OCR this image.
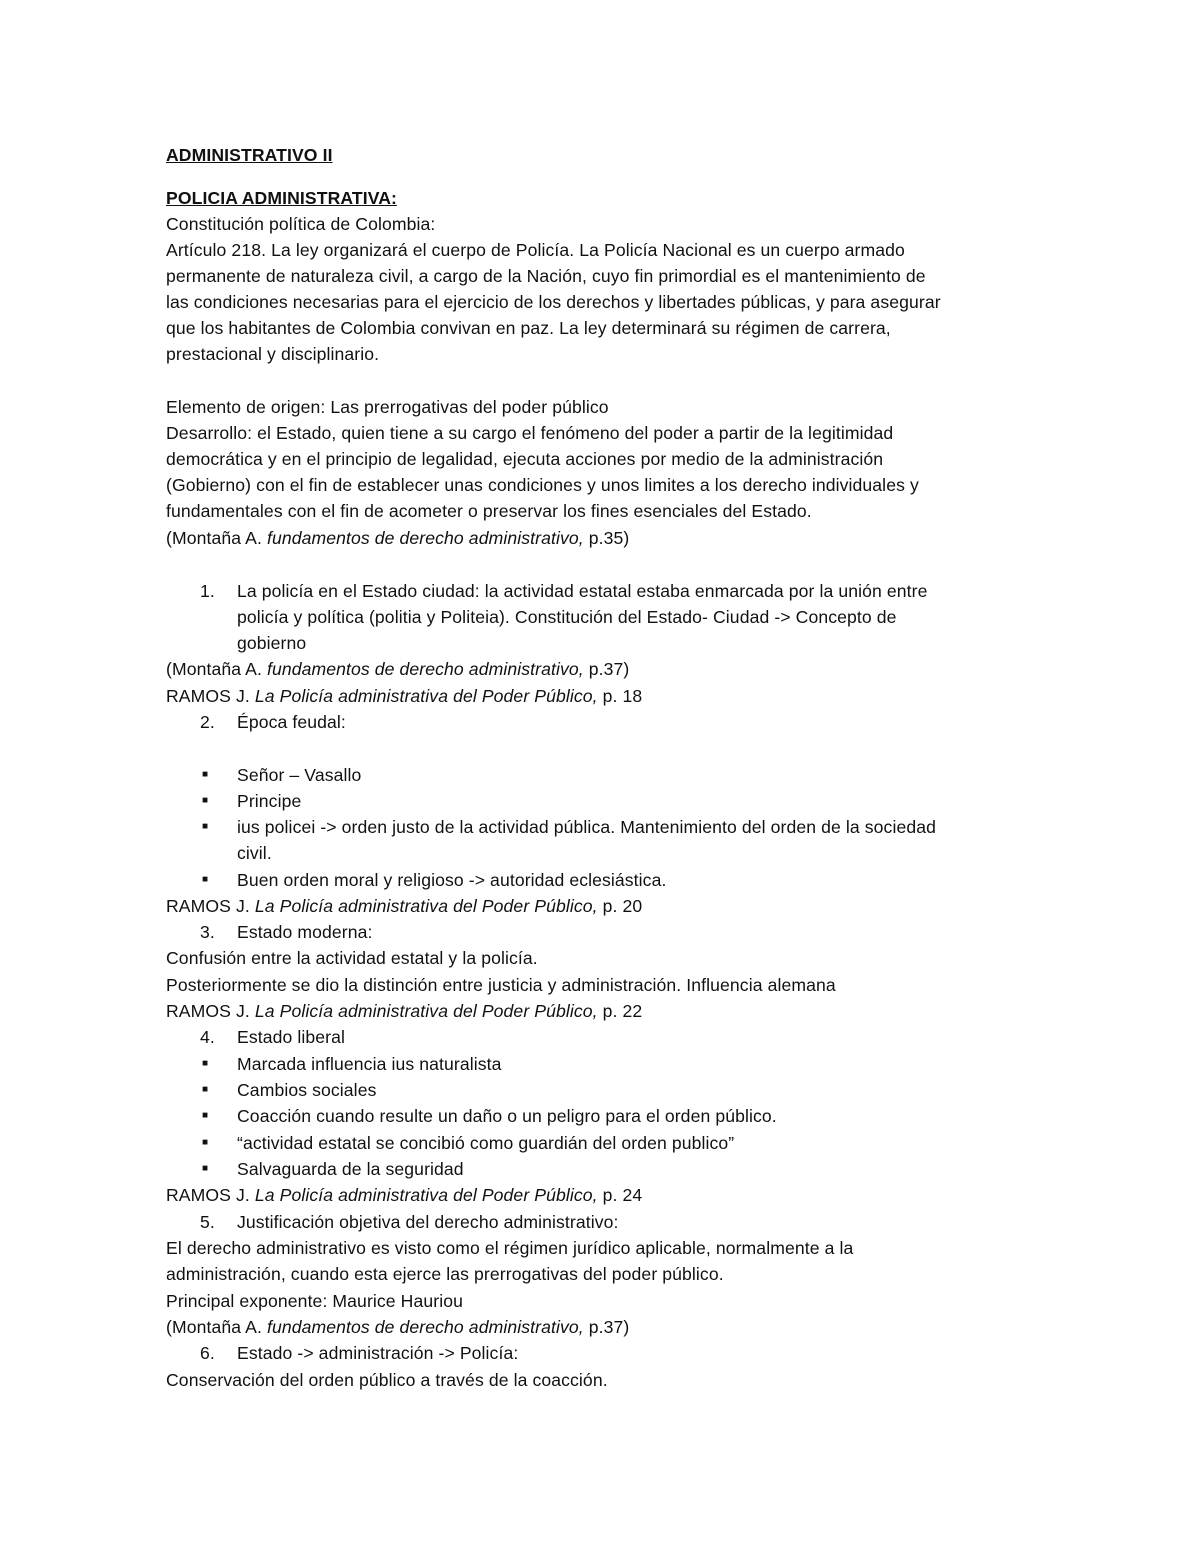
ADMINISTRATIVO II
POLICIA ADMINISTRATIVA:
Constitución política de Colombia:
Artículo 218. La ley organizará el cuerpo de Policía. La Policía Nacional es un cuerpo armado
permanente de naturaleza civil, a cargo de la Nación, cuyo fin primordial es el mantenimiento de
las condiciones necesarias para el ejercicio de los derechos y libertades públicas, y para asegurar
que los habitantes de Colombia convivan en paz. La ley determinará su régimen de carrera,
prestacional y disciplinario.
Elemento de origen: Las prerrogativas del poder público
Desarrollo: el Estado, quien tiene a su cargo el fenómeno del poder a partir de la legitimidad
democrática y en el principio de legalidad, ejecuta acciones por medio de la administración
(Gobierno) con el fin de establecer unas condiciones y unos limites a los derecho individuales y
fundamentales con el fin de acometer o preservar los fines esenciales del Estado.
(Montaña A. fundamentos de derecho administrativo, p.35)
1. La policía en el Estado ciudad: la actividad estatal estaba enmarcada por la unión entre
policía y política (politia y Politeia). Constitución del Estado- Ciudad -> Concepto de
gobierno
(Montaña A. fundamentos de derecho administrativo, p.37)
RAMOS J. La Policía administrativa del Poder Público, p. 18
2. Época feudal:
■ Señor – Vasallo
■ Principe
■ ius policei -> orden justo de la actividad pública. Mantenimiento del orden de la sociedad
civil.
■ Buen orden moral y religioso -> autoridad eclesiástica.
RAMOS J. La Policía administrativa del Poder Público, p. 20
3. Estado moderna:
Confusión entre la actividad estatal y la policía.
Posteriormente se dio la distinción entre justicia y administración. Influencia alemana
RAMOS J. La Policía administrativa del Poder Público, p. 22
4. Estado liberal
■ Marcada influencia ius naturalista
■ Cambios sociales
■ Coacción cuando resulte un daño o un peligro para el orden público.
■ “actividad estatal se concibió como guardián del orden publico”
■ Salvaguarda de la seguridad
RAMOS J. La Policía administrativa del Poder Público, p. 24
5. Justificación objetiva del derecho administrativo:
El derecho administrativo es visto como el régimen jurídico aplicable, normalmente a la
administración, cuando esta ejerce las prerrogativas del poder público.
Principal exponente: Maurice Hauriou
(Montaña A. fundamentos de derecho administrativo, p.37)
6. Estado -> administración -> Policía:
Conservación del orden público a través de la coacción.
